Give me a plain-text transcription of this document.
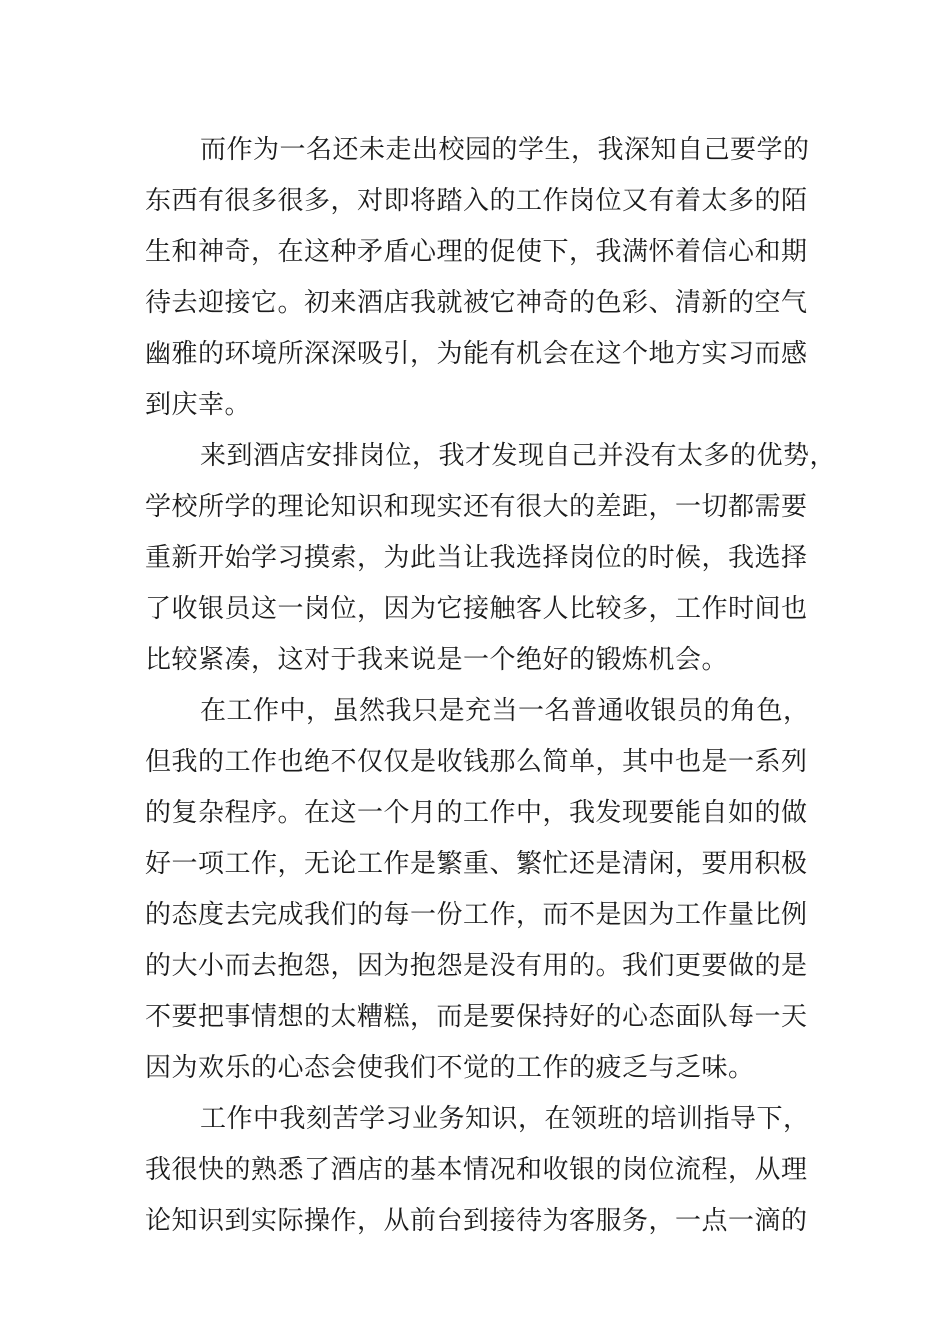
而作为一名还未走出校园的学生，我深知自己要学的
东西有很多很多，对即将踏入的工作岗位又有着太多的陌
生和神奇，在这种矛盾心理的促使下，我满怀着信心和期
待去迎接它。初来酒店我就被它神奇的色彩、清新的空气
幽雅的环境所深深吸引，为能有机会在这个地方实习而感
到庆幸。
来到酒店安排岗位，我才发现自己并没有太多的优势，
学校所学的理论知识和现实还有很大的差距，一切都需要
重新开始学习摸索，为此当让我选择岗位的时候，我选择
了收银员这一岗位，因为它接触客人比较多，工作时间也
比较紧凑，这对于我来说是一个绝好的锻炼机会。
在工作中，虽然我只是充当一名普通收银员的角色，
但我的工作也绝不仅仅是收钱那么简单，其中也是一系列
的复杂程序。在这一个月的工作中，我发现要能自如的做
好一项工作，无论工作是繁重、繁忙还是清闲，要用积极
的态度去完成我们的每一份工作，而不是因为工作量比例
的大小而去抱怨，因为抱怨是没有用的。我们更要做的是
不要把事情想的太糟糕，而是要保持好的心态面队每一天
因为欢乐的心态会使我们不觉的工作的疲乏与乏味。
工作中我刻苦学习业务知识，在领班的培训指导下，
我很快的熟悉了酒店的基本情况和收银的岗位流程，从理
论知识到实际操作，从前台到接待为客服务，一点一滴的
